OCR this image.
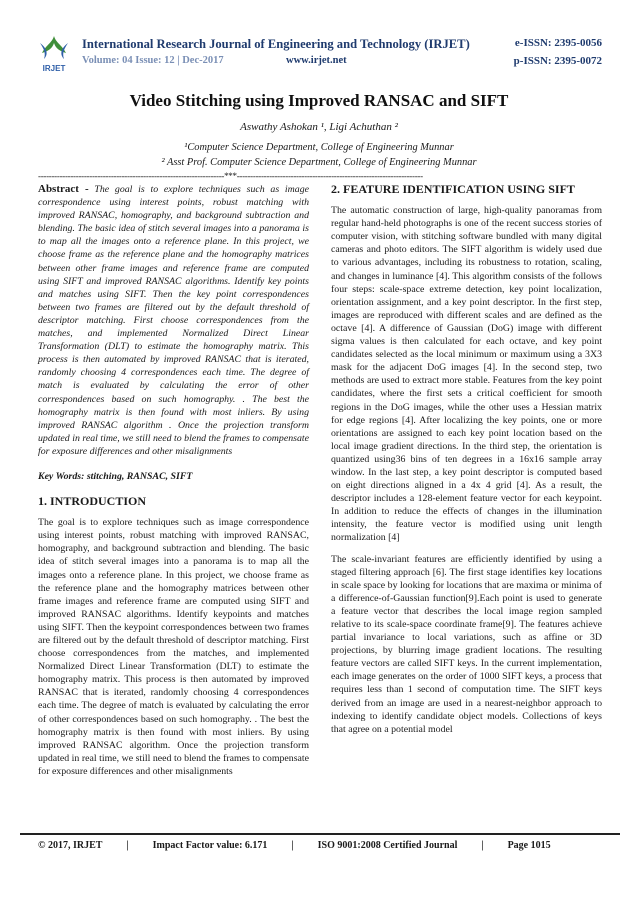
IRJET
International Research Journal of Engineering and Technology (IRJET)	e-ISSN: 2395-0056
Volume: 04 Issue: 12 | Dec-2017	www.irjet.net	p-ISSN: 2395-0072
Video Stitching using Improved RANSAC and SIFT
Aswathy Ashokan ¹, Ligi Achuthan ²
¹Computer Science Department, College of Engineering Munnar
² Asst Prof. Computer Science Department, College of Engineering Munnar
---------------------------------------------------------------------***---------------------------------------------------------------------

Abstract - The goal is to explore techniques such as image correspondence using interest points, robust matching with improved RANSAC, homography, and background subtraction and blending. The basic idea of stitch several images into a panorama is to map all the images onto a reference plane. In this project, we choose frame as the reference plane and the homography matrices between other frame images and reference frame are computed using SIFT and improved RANSAC algorithms. Identify key points and matches using SIFT. Then the key point correspondences between two frames are filtered out by the default threshold of descriptor matching. First choose correspondences from the matches, and implemented Normalized Direct Linear Transformation (DLT) to estimate the homography matrix. This process is then automated by improved RANSAC that is iterated, randomly choosing 4 correspondences each time. The degree of match is evaluated by calculating the error of other correspondences based on such homography. . The best the homography matrix is then found with most inliers. By using improved RANSAC algorithm . Once the projection transform updated in real time, we still need to blend the frames to compensate for exposure differences and other misalignments

Key Words: stitching, RANSAC, SIFT

1. INTRODUCTION

The goal is to explore techniques such as image correspondence using interest points, robust matching with improved RANSAC, homography, and background subtraction and blending. The basic idea of stitch several images into a panorama is to map all the images onto a reference plane. In this project, we choose frame as the reference plane and the homography matrices between other frame images and reference frame are computed using SIFT and improved RANSAC algorithms. Identify keypoints and matches using SIFT. Then the keypoint correspondences between two frames are filtered out by the default threshold of descriptor matching. First choose correspondences from the matches, and implemented Normalized Direct Linear Transformation (DLT) to estimate the homography matrix. This process is then automated by improved RANSAC that is iterated, randomly choosing 4 correspondences each time. The degree of match is evaluated by calculating the error of other correspondences based on such homography. . The best the homography matrix is then found with most inliers. By using improved RANSAC algorithm. Once the projection transform updated in real time, we still need to blend the frames to compensate for exposure differences and other misalignments

2. FEATURE IDENTIFICATION USING SIFT

The automatic construction of large, high-quality panoramas from regular hand-held photographs is one of the recent success stories of computer vision, with stitching software bundled with many digital cameras and photo editors. The SIFT algorithm is widely used due to various advantages, including its robustness to rotation, scaling, and changes in luminance [4]. This algorithm consists of the follows four steps: scale-space extreme detection, key point localization, orientation assignment, and a key point descriptor. In the first step, images are reproduced with different scales and are defined as the octave [4]. A difference of Gaussian (DoG) image with different sigma values is then calculated for each octave, and key point candidates selected as the local minimum or maximum using a 3X3 mask for the adjacent DoG images [4]. In the second step, two methods are used to extract more stable. Features from the key point candidates, where the first sets a critical coefficient for smooth regions in the DoG images, while the other uses a Hessian matrix for edge regions [4]. After localizing the key points, one or more orientations are assigned to each key point location based on the local image gradient directions. In the third step, the orientation is quantized using36 bins of ten degrees in a 16x16 sample array window. In the last step, a key point descriptor is computed based on eight directions aligned in a 4x 4 grid [4]. As a result, the descriptor includes a 128-element feature vector for each keypoint. In addition to reduce the effects of changes in the illumination intensity, the feature vector is modified using unit length normalization [4]

The scale-invariant features are efficiently identified by using a staged filtering approach [6]. The first stage identifies key locations in scale space by looking for locations that are maxima or minima of a difference-of-Gaussian function[9].Each point is used to generate a feature vector that describes the local image region sampled relative to its scale-space coordinate frame[9]. The features achieve partial invariance to local variations, such as affine or 3D projections, by blurring image gradient locations. The resulting feature vectors are called SIFT keys. In the current implementation, each image generates on the order of 1000 SIFT keys, a process that requires less than 1 second of computation time. The SIFT keys derived from an image are used in a nearest-neighbor approach to indexing to identify candidate object models. Collections of keys that agree on a potential model

© 2017, IRJET | Impact Factor value: 6.171 | ISO 9001:2008 Certified Journal | Page 1015
